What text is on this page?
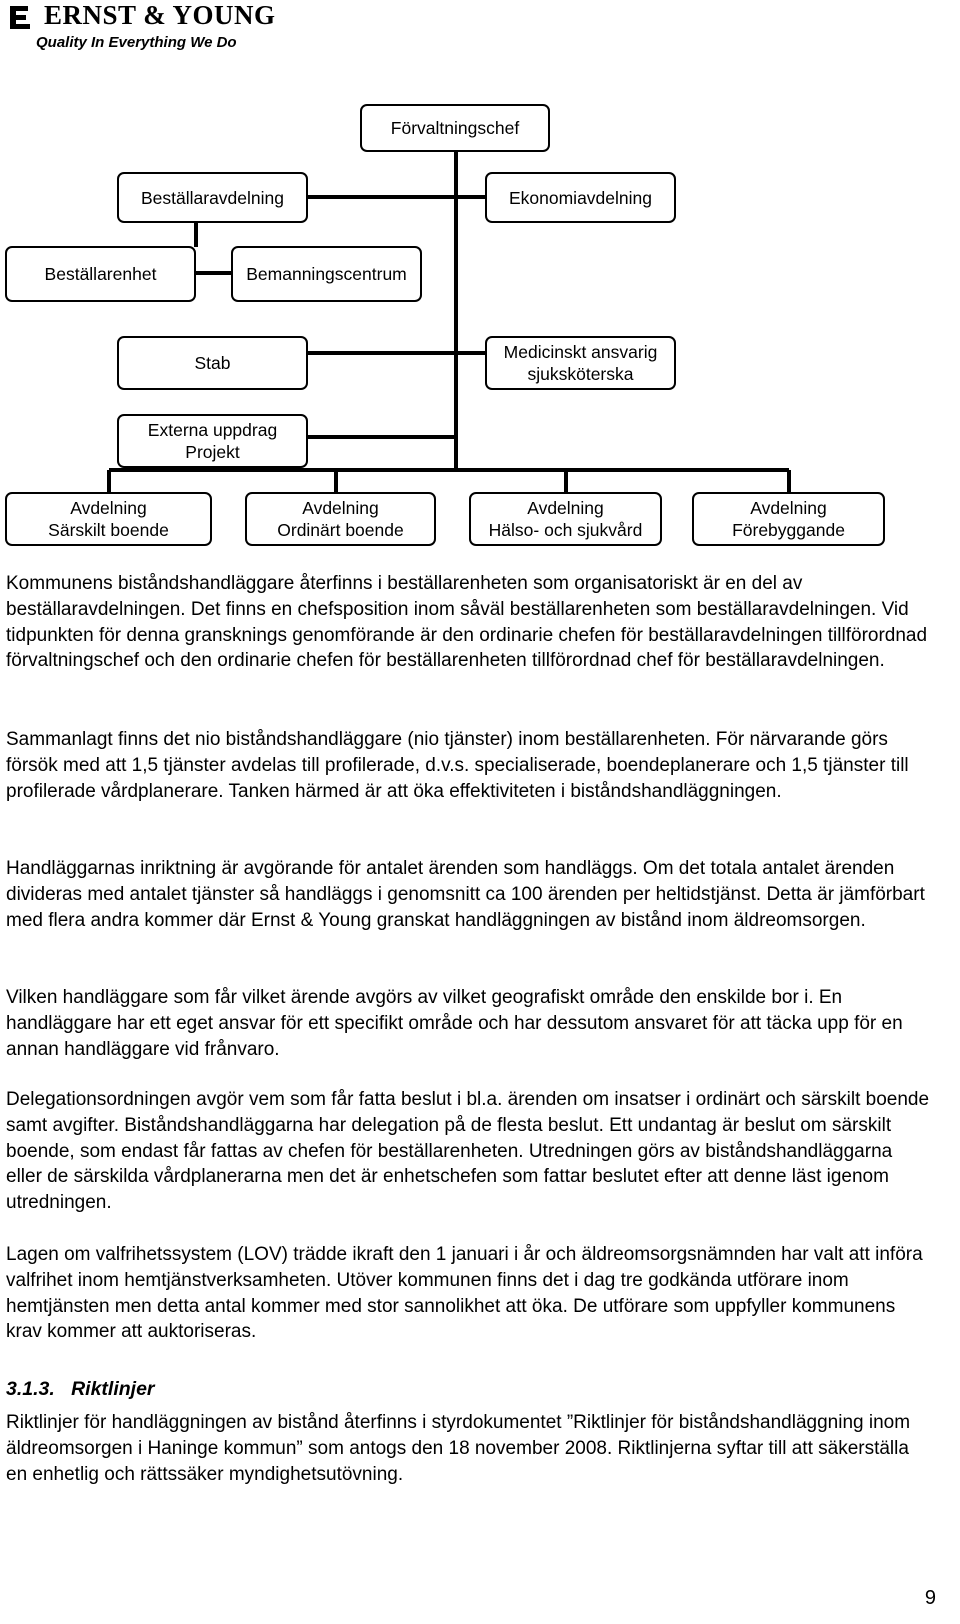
ERNST & YOUNG
Quality In Everything We Do
Förvaltningschef
Beställaravdelning	Ekonomiavdelning
Beställarenhet	Bemanningscentrum
Stab
Medicinskt ansvarig
sjuksköterska
Externa uppdrag
Projekt
Avdelning
Särskilt boende
Avdelning
Ordinärt boende
Avdelning
Hälso- och sjukvård
Avdelning
Förebyggande

Kommunens biståndshandläggare återfinns i beställarenheten som organisatoriskt är en del av beställaravdelningen. Det finns en chefsposition inom såväl beställarenheten som beställaravdelningen. Vid tidpunkten för denna gransknings genomförande är den ordinarie chefen för beställaravdelningen tillförordnad förvaltningschef och den ordinarie chefen för beställarenheten tillförordnad chef för beställaravdelningen.

Sammanlagt finns det nio biståndshandläggare (nio tjänster) inom beställarenheten. För närvarande görs försök med att 1,5 tjänster avdelas till profilerade, d.v.s. specialiserade, boendeplanerare och 1,5 tjänster till profilerade vårdplanerare. Tanken härmed är att öka effektiviteten i biståndshandläggningen.

Handläggarnas inriktning är avgörande för antalet ärenden som handläggs. Om det totala antalet ärenden divideras med antalet tjänster så handläggs i genomsnitt ca 100 ärenden per heltidstjänst. Detta är jämförbart med flera andra kommer där Ernst & Young granskat handläggningen av bistånd inom äldreomsorgen.

Vilken handläggare som får vilket ärende avgörs av vilket geografiskt område den enskilde bor i. En handläggare har ett eget ansvar för ett specifikt område och har dessutom ansvaret för att täcka upp för en annan handläggare vid frånvaro.

Delegationsordningen avgör vem som får fatta beslut i bl.a. ärenden om insatser i ordinärt och särskilt boende samt avgifter. Biståndshandläggarna har delegation på de flesta beslut. Ett undantag är beslut om särskilt boende, som endast får fattas av chefen för beställarenheten. Utredningen görs av biståndshandläggarna eller de särskilda vårdplanerarna men det är enhetschefen som fattar beslutet efter att denne läst igenom utredningen.

Lagen om valfrihetssystem (LOV) trädde ikraft den 1 januari i år och äldreomsorgsnämnden har valt att införa valfrihet inom hemtjänstverksamheten. Utöver kommunen finns det i dag tre godkända utförare inom hemtjänsten men detta antal kommer med stor sannolikhet att öka. De utförare som uppfyller kommunens krav kommer att auktoriseras.

3.1.3. Riktlinjer

Riktlinjer för handläggningen av bistånd återfinns i styrdokumentet ”Riktlinjer för biståndshandläggning inom äldreomsorgen i Haninge kommun” som antogs den 18 november 2008. Riktlinjerna syftar till att säkerställa en enhetlig och rättssäker myndighetsutövning.

9
